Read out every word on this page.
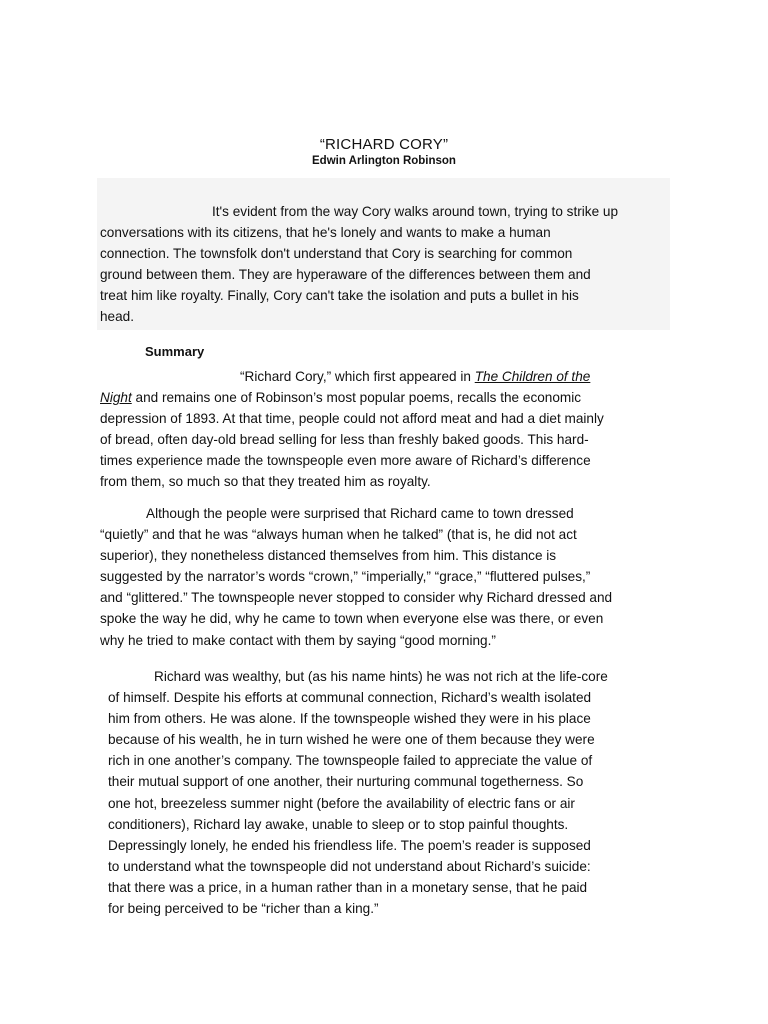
“RICHARD CORY”
Edwin Arlington Robinson

It's evident from the way Cory walks around town, trying to strike up
conversations with its citizens, that he's lonely and wants to make a human
connection. The townsfolk don't understand that Cory is searching for common
ground between them. They are hyperaware of the differences between them and
treat him like royalty. Finally, Cory can't take the isolation and puts a bullet in his
head.

Summary

“Richard Cory,” which first appeared in The Children of the
Night and remains one of Robinson’s most popular poems, recalls the economic
depression of 1893. At that time, people could not afford meat and had a diet mainly
of bread, often day-old bread selling for less than freshly baked goods. This hard-
times experience made the townspeople even more aware of Richard’s difference
from them, so much so that they treated him as royalty.

Although the people were surprised that Richard came to town dressed
“quietly” and that he was “always human when he talked” (that is, he did not act
superior), they nonetheless distanced themselves from him. This distance is
suggested by the narrator’s words “crown,” “imperially,” “grace,” “fluttered pulses,”
and “glittered.” The townspeople never stopped to consider why Richard dressed and
spoke the way he did, why he came to town when everyone else was there, or even
why he tried to make contact with them by saying “good morning.”

Richard was wealthy, but (as his name hints) he was not rich at the life-core
of himself. Despite his efforts at communal connection, Richard’s wealth isolated
him from others. He was alone. If the townspeople wished they were in his place
because of his wealth, he in turn wished he were one of them because they were
rich in one another’s company. The townspeople failed to appreciate the value of
their mutual support of one another, their nurturing communal togetherness. So
one hot, breezeless summer night (before the availability of electric fans or air
conditioners), Richard lay awake, unable to sleep or to stop painful thoughts.
Depressingly lonely, he ended his friendless life. The poem’s reader is supposed
to understand what the townspeople did not understand about Richard’s suicide:
that there was a price, in a human rather than in a monetary sense, that he paid
for being perceived to be “richer than a king.”
